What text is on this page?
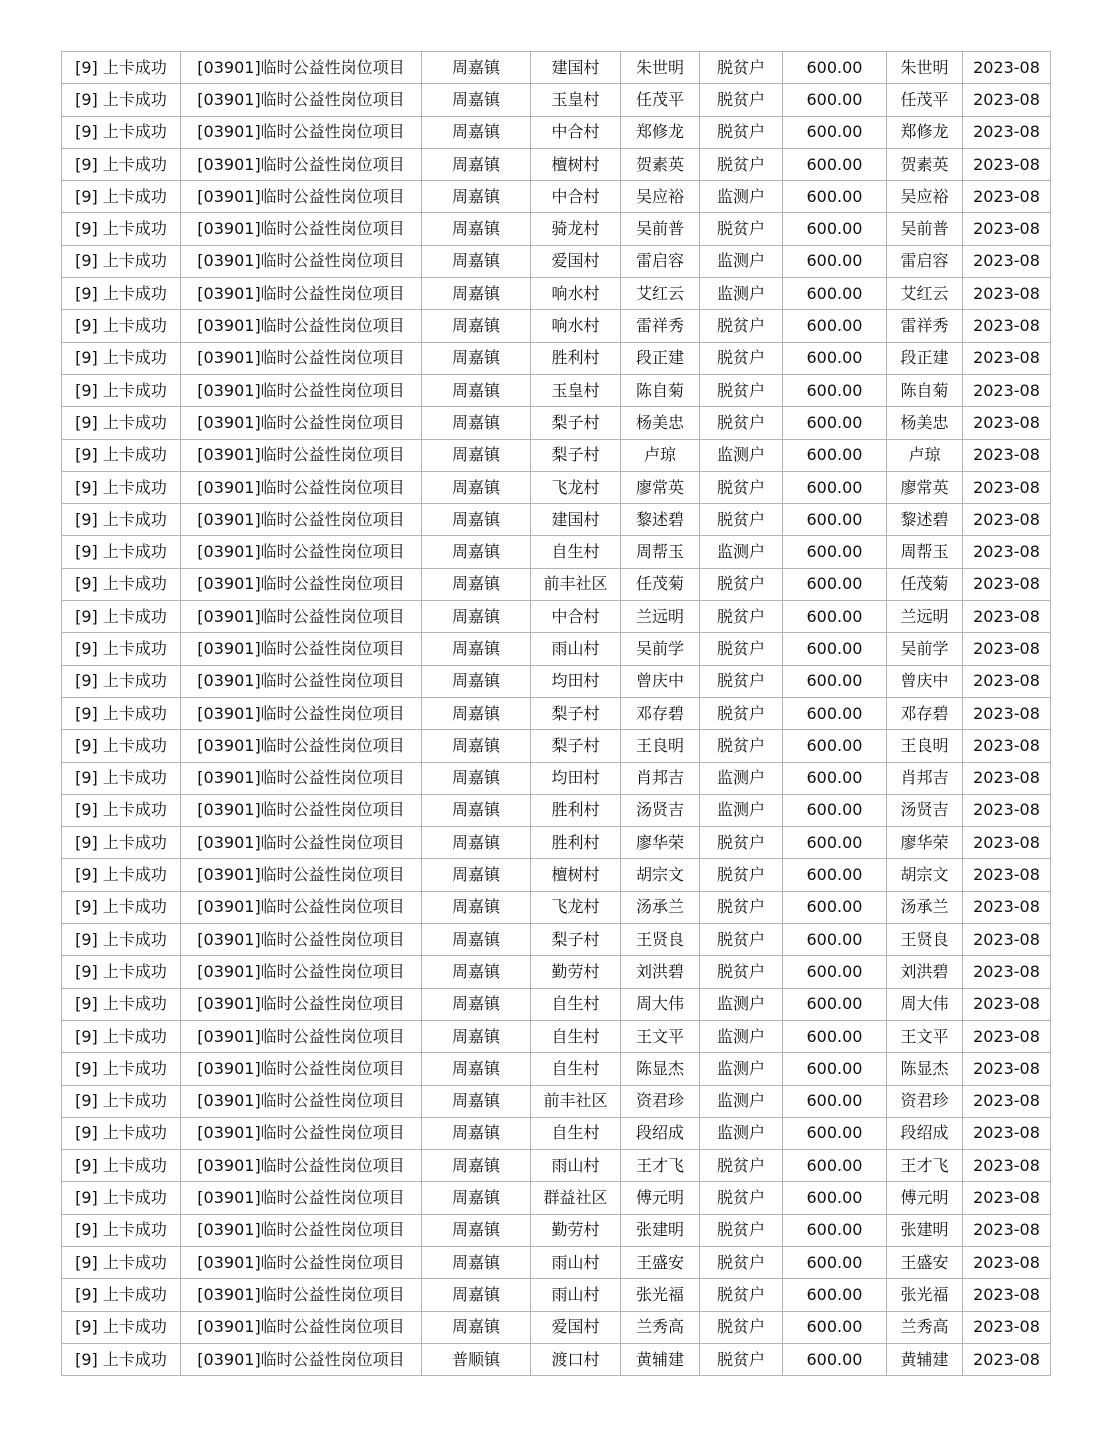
[9] 上卡成功	[03901]临时公益性岗位项目	周嘉镇	建国村	朱世明	脱贫户	600.00	朱世明	2023-08
[9] 上卡成功	[03901]临时公益性岗位项目	周嘉镇	玉皇村	任茂平	脱贫户	600.00	任茂平	2023-08
[9] 上卡成功	[03901]临时公益性岗位项目	周嘉镇	中合村	郑修龙	脱贫户	600.00	郑修龙	2023-08
[9] 上卡成功	[03901]临时公益性岗位项目	周嘉镇	檀树村	贺素英	脱贫户	600.00	贺素英	2023-08
[9] 上卡成功	[03901]临时公益性岗位项目	周嘉镇	中合村	吴应裕	监测户	600.00	吴应裕	2023-08
[9] 上卡成功	[03901]临时公益性岗位项目	周嘉镇	骑龙村	吴前普	脱贫户	600.00	吴前普	2023-08
[9] 上卡成功	[03901]临时公益性岗位项目	周嘉镇	爱国村	雷启容	监测户	600.00	雷启容	2023-08
[9] 上卡成功	[03901]临时公益性岗位项目	周嘉镇	响水村	艾红云	监测户	600.00	艾红云	2023-08
[9] 上卡成功	[03901]临时公益性岗位项目	周嘉镇	响水村	雷祥秀	脱贫户	600.00	雷祥秀	2023-08
[9] 上卡成功	[03901]临时公益性岗位项目	周嘉镇	胜利村	段正建	脱贫户	600.00	段正建	2023-08
[9] 上卡成功	[03901]临时公益性岗位项目	周嘉镇	玉皇村	陈自菊	脱贫户	600.00	陈自菊	2023-08
[9] 上卡成功	[03901]临时公益性岗位项目	周嘉镇	梨子村	杨美忠	脱贫户	600.00	杨美忠	2023-08
[9] 上卡成功	[03901]临时公益性岗位项目	周嘉镇	梨子村	卢琼	监测户	600.00	卢琼	2023-08
[9] 上卡成功	[03901]临时公益性岗位项目	周嘉镇	飞龙村	廖常英	脱贫户	600.00	廖常英	2023-08
[9] 上卡成功	[03901]临时公益性岗位项目	周嘉镇	建国村	黎述碧	脱贫户	600.00	黎述碧	2023-08
[9] 上卡成功	[03901]临时公益性岗位项目	周嘉镇	自生村	周帮玉	监测户	600.00	周帮玉	2023-08
[9] 上卡成功	[03901]临时公益性岗位项目	周嘉镇	前丰社区	任茂菊	脱贫户	600.00	任茂菊	2023-08
[9] 上卡成功	[03901]临时公益性岗位项目	周嘉镇	中合村	兰远明	脱贫户	600.00	兰远明	2023-08
[9] 上卡成功	[03901]临时公益性岗位项目	周嘉镇	雨山村	吴前学	脱贫户	600.00	吴前学	2023-08
[9] 上卡成功	[03901]临时公益性岗位项目	周嘉镇	均田村	曾庆中	脱贫户	600.00	曾庆中	2023-08
[9] 上卡成功	[03901]临时公益性岗位项目	周嘉镇	梨子村	邓存碧	脱贫户	600.00	邓存碧	2023-08
[9] 上卡成功	[03901]临时公益性岗位项目	周嘉镇	梨子村	王良明	脱贫户	600.00	王良明	2023-08
[9] 上卡成功	[03901]临时公益性岗位项目	周嘉镇	均田村	肖邦吉	监测户	600.00	肖邦吉	2023-08
[9] 上卡成功	[03901]临时公益性岗位项目	周嘉镇	胜利村	汤贤吉	监测户	600.00	汤贤吉	2023-08
[9] 上卡成功	[03901]临时公益性岗位项目	周嘉镇	胜利村	廖华荣	脱贫户	600.00	廖华荣	2023-08
[9] 上卡成功	[03901]临时公益性岗位项目	周嘉镇	檀树村	胡宗文	脱贫户	600.00	胡宗文	2023-08
[9] 上卡成功	[03901]临时公益性岗位项目	周嘉镇	飞龙村	汤承兰	脱贫户	600.00	汤承兰	2023-08
[9] 上卡成功	[03901]临时公益性岗位项目	周嘉镇	梨子村	王贤良	脱贫户	600.00	王贤良	2023-08
[9] 上卡成功	[03901]临时公益性岗位项目	周嘉镇	勤劳村	刘洪碧	脱贫户	600.00	刘洪碧	2023-08
[9] 上卡成功	[03901]临时公益性岗位项目	周嘉镇	自生村	周大伟	监测户	600.00	周大伟	2023-08
[9] 上卡成功	[03901]临时公益性岗位项目	周嘉镇	自生村	王文平	监测户	600.00	王文平	2023-08
[9] 上卡成功	[03901]临时公益性岗位项目	周嘉镇	自生村	陈显杰	监测户	600.00	陈显杰	2023-08
[9] 上卡成功	[03901]临时公益性岗位项目	周嘉镇	前丰社区	资君珍	监测户	600.00	资君珍	2023-08
[9] 上卡成功	[03901]临时公益性岗位项目	周嘉镇	自生村	段绍成	监测户	600.00	段绍成	2023-08
[9] 上卡成功	[03901]临时公益性岗位项目	周嘉镇	雨山村	王才飞	脱贫户	600.00	王才飞	2023-08
[9] 上卡成功	[03901]临时公益性岗位项目	周嘉镇	群益社区	傅元明	脱贫户	600.00	傅元明	2023-08
[9] 上卡成功	[03901]临时公益性岗位项目	周嘉镇	勤劳村	张建明	脱贫户	600.00	张建明	2023-08
[9] 上卡成功	[03901]临时公益性岗位项目	周嘉镇	雨山村	王盛安	脱贫户	600.00	王盛安	2023-08
[9] 上卡成功	[03901]临时公益性岗位项目	周嘉镇	雨山村	张光福	脱贫户	600.00	张光福	2023-08
[9] 上卡成功	[03901]临时公益性岗位项目	周嘉镇	爱国村	兰秀高	脱贫户	600.00	兰秀高	2023-08
[9] 上卡成功	[03901]临时公益性岗位项目	普顺镇	渡口村	黄辅建	脱贫户	600.00	黄辅建	2023-08
